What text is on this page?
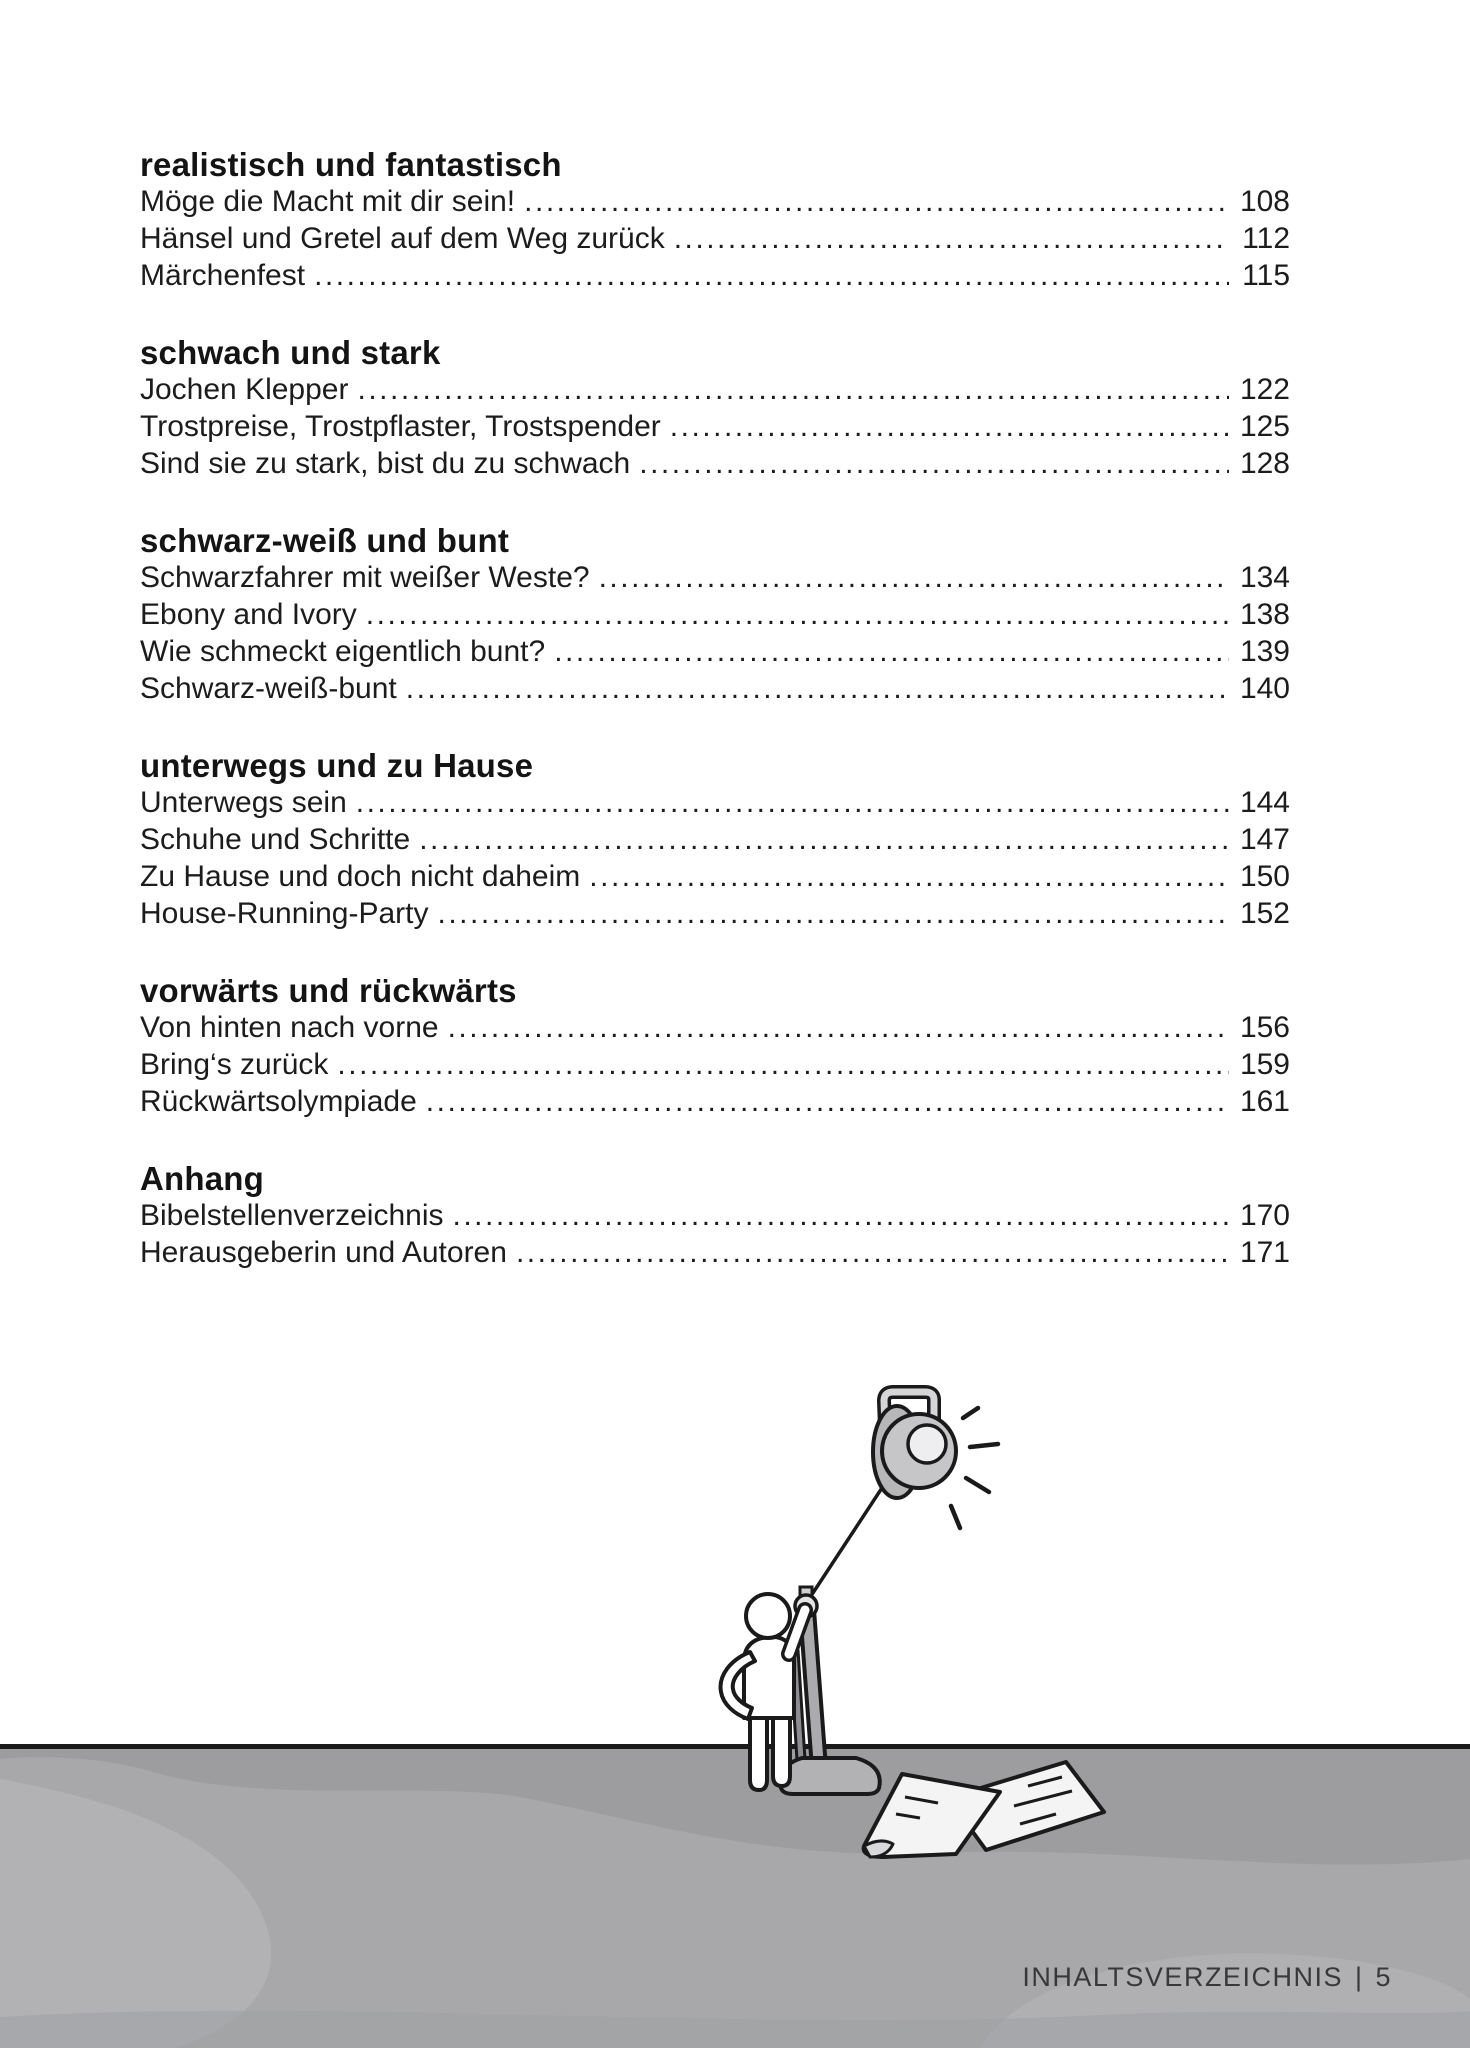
realistisch und fantastisch
Möge die Macht mit dir sein! .....	108
Hänsel und Gretel auf dem Weg zurück .....	112
Märchenfest .....	115
schwach und stark
Jochen Klepper .....	122
Trostpreise, Trostpflaster, Trostspender .....	125
Sind sie zu stark, bist du zu schwach .....	128
schwarz-weiß und bunt
Schwarzfahrer mit weißer Weste? .....	134
Ebony and Ivory .....	138
Wie schmeckt eigentlich bunt? .....	139
Schwarz-weiß-bunt .....	140
unterwegs und zu Hause
Unterwegs sein .....	144
Schuhe und Schritte .....	147
Zu Hause und doch nicht daheim .....	150
House-Running-Party .....	152
vorwärts und rückwärts
Von hinten nach vorne .....	156
Bring‘s zurück .....	159
Rückwärtsolympiade .....	161
Anhang
Bibelstellenverzeichnis .....	170
Herausgeberin und Autoren .....	171
INHALTSVERZEICHNIS | 5
